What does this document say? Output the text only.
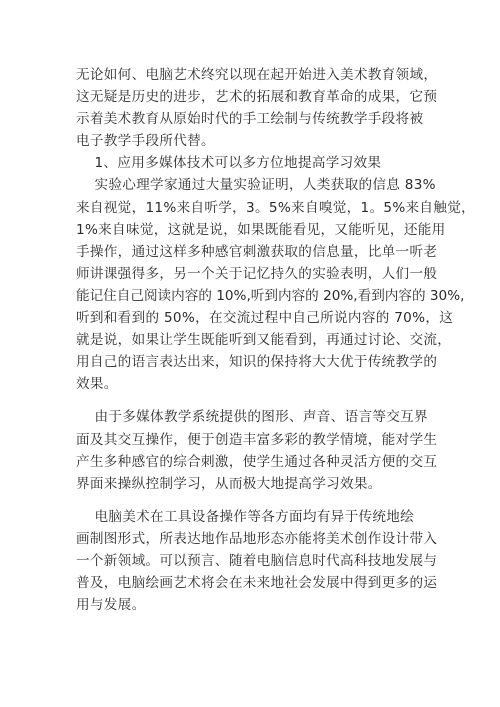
无论如何、电脑艺术终究以现在起开始进入美术教育领域，
这无疑是历史的进步，艺术的拓展和教育革命的成果，它预
示着美术教育从原始时代的手工绘制与传统教学手段将被
电子教学手段所代替。
1、应用多媒体技术可以多方位地提高学习效果
实验心理学家通过大量实验证明，人类获取的信息 83%
来自视觉，11%来自听学，3。5%来自嗅觉，1。5%来自触觉，
1%来自味觉，这就是说，如果既能看见，又能听见，还能用
手操作，通过这样多种感官刺激获取的信息量，比单一听老
师讲课强得多，另一个关于记忆持久的实验表明，人们一般
能记住自己阅读内容的 10%,听到内容的 20%,看到内容的 30%,
听到和看到的 50%，在交流过程中自己所说内容的 70%，这
就是说，如果让学生既能听到又能看到，再通过讨论、交流，
用自己的语言表达出来，知识的保持将大大优于传统教学的
效果。
由于多媒体教学系统提供的图形、声音、语言等交互界
面及其交互操作，便于创造丰富多彩的教学情境，能对学生
产生多种感官的综合刺激，使学生通过各种灵活方便的交互
界面来操纵控制学习，从而极大地提高学习效果。
电脑美术在工具设备操作等各方面均有异于传统地绘
画制图形式，所表达地作品地形态亦能将美术创作设计带入
一个新领域。可以预言、随着电脑信息时代高科技地发展与
普及，电脑绘画艺术将会在未来地社会发展中得到更多的运
用与发展。
